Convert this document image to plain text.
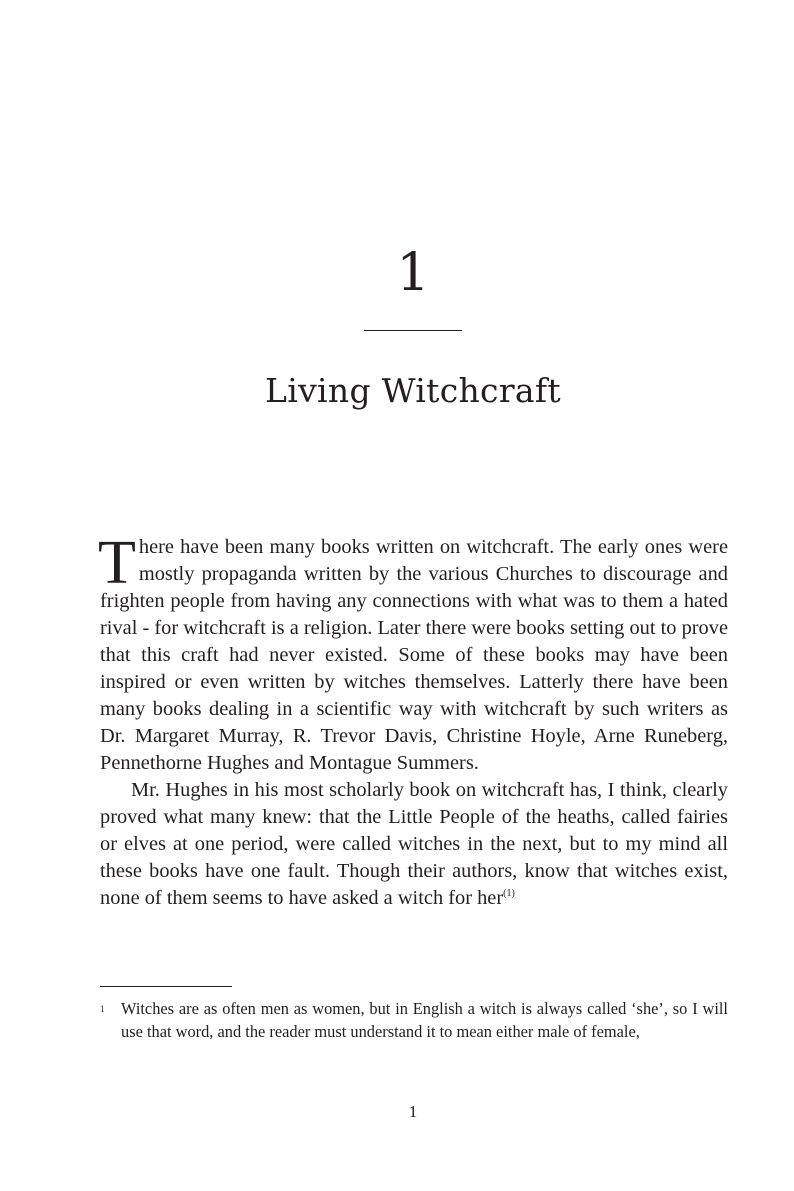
1
Living Witchcraft

There have been many books written on witchcraft. The early ones were mostly propaganda written by the various Churches to discourage and frighten people from having any connections with what was to them a hated rival - for witchcraft is a religion. Later there were books setting out to prove that this craft had never existed. Some of these books may have been inspired or even written by witches themselves. Latterly there have been many books dealing in a scientific way with witchcraft by such writers as Dr. Margaret Murray, R. Trevor Davis, Christine Hoyle, Arne Runeberg, Pennethorne Hughes and Montague Summers.

Mr. Hughes in his most scholarly book on witchcraft has, I think, clearly proved what many knew: that the Little People of the heaths, called fairies or elves at one period, were called witches in the next, but to my mind all these books have one fault. Though their authors, know that witches exist, none of them seems to have asked a witch for her$^{(1)}$

1 Witches are as often men as women, but in English a witch is always called ‘she’, so I will use that word, and the reader must understand it to mean either male of female,
1
